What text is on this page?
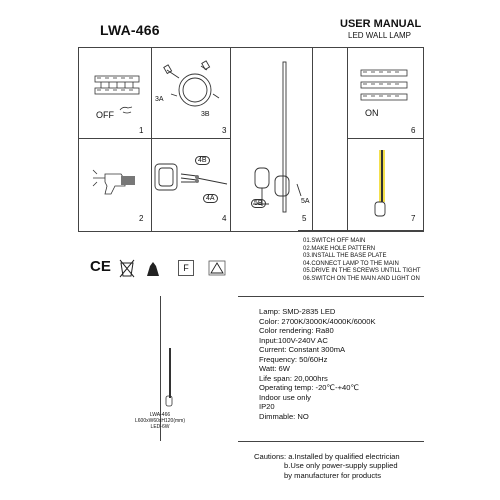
LWA-466	USER MANUAL
LED WALL LAMP
1
2
3
4	5
6
7
OFF
3A
3B
4B
4A
5B	5A
ON
01.SWITCH OFF MAIN
02.MAKE HOLE PATTERN
03.INSTALL THE BASE PLATE
04.CONNECT LAMP TO THE MAIN
05.DRIVE IN THE SCREWS UNTILL TIGHT
06.SWITCH ON THE MAIN AND LIGHT ON
CE	F
LWA-466
L600xW60xH120(mm)
LED-6W
Lamp: SMD-2835 LED
Color: 2700K/3000K/4000K/6000K
Color rendering: Ra80
Input:100V-240V AC
Current: Constant 300mA
Frequency: 50/60Hz
Watt: 6W
Life span: 20,000hrs
Operating temp: -20℃-+40℃
Indoor use only
IP20
Dimmable: NO
Cautions: a.Installed by qualified electrician
b.Use only power-supply supplied
by manufacturer for products
